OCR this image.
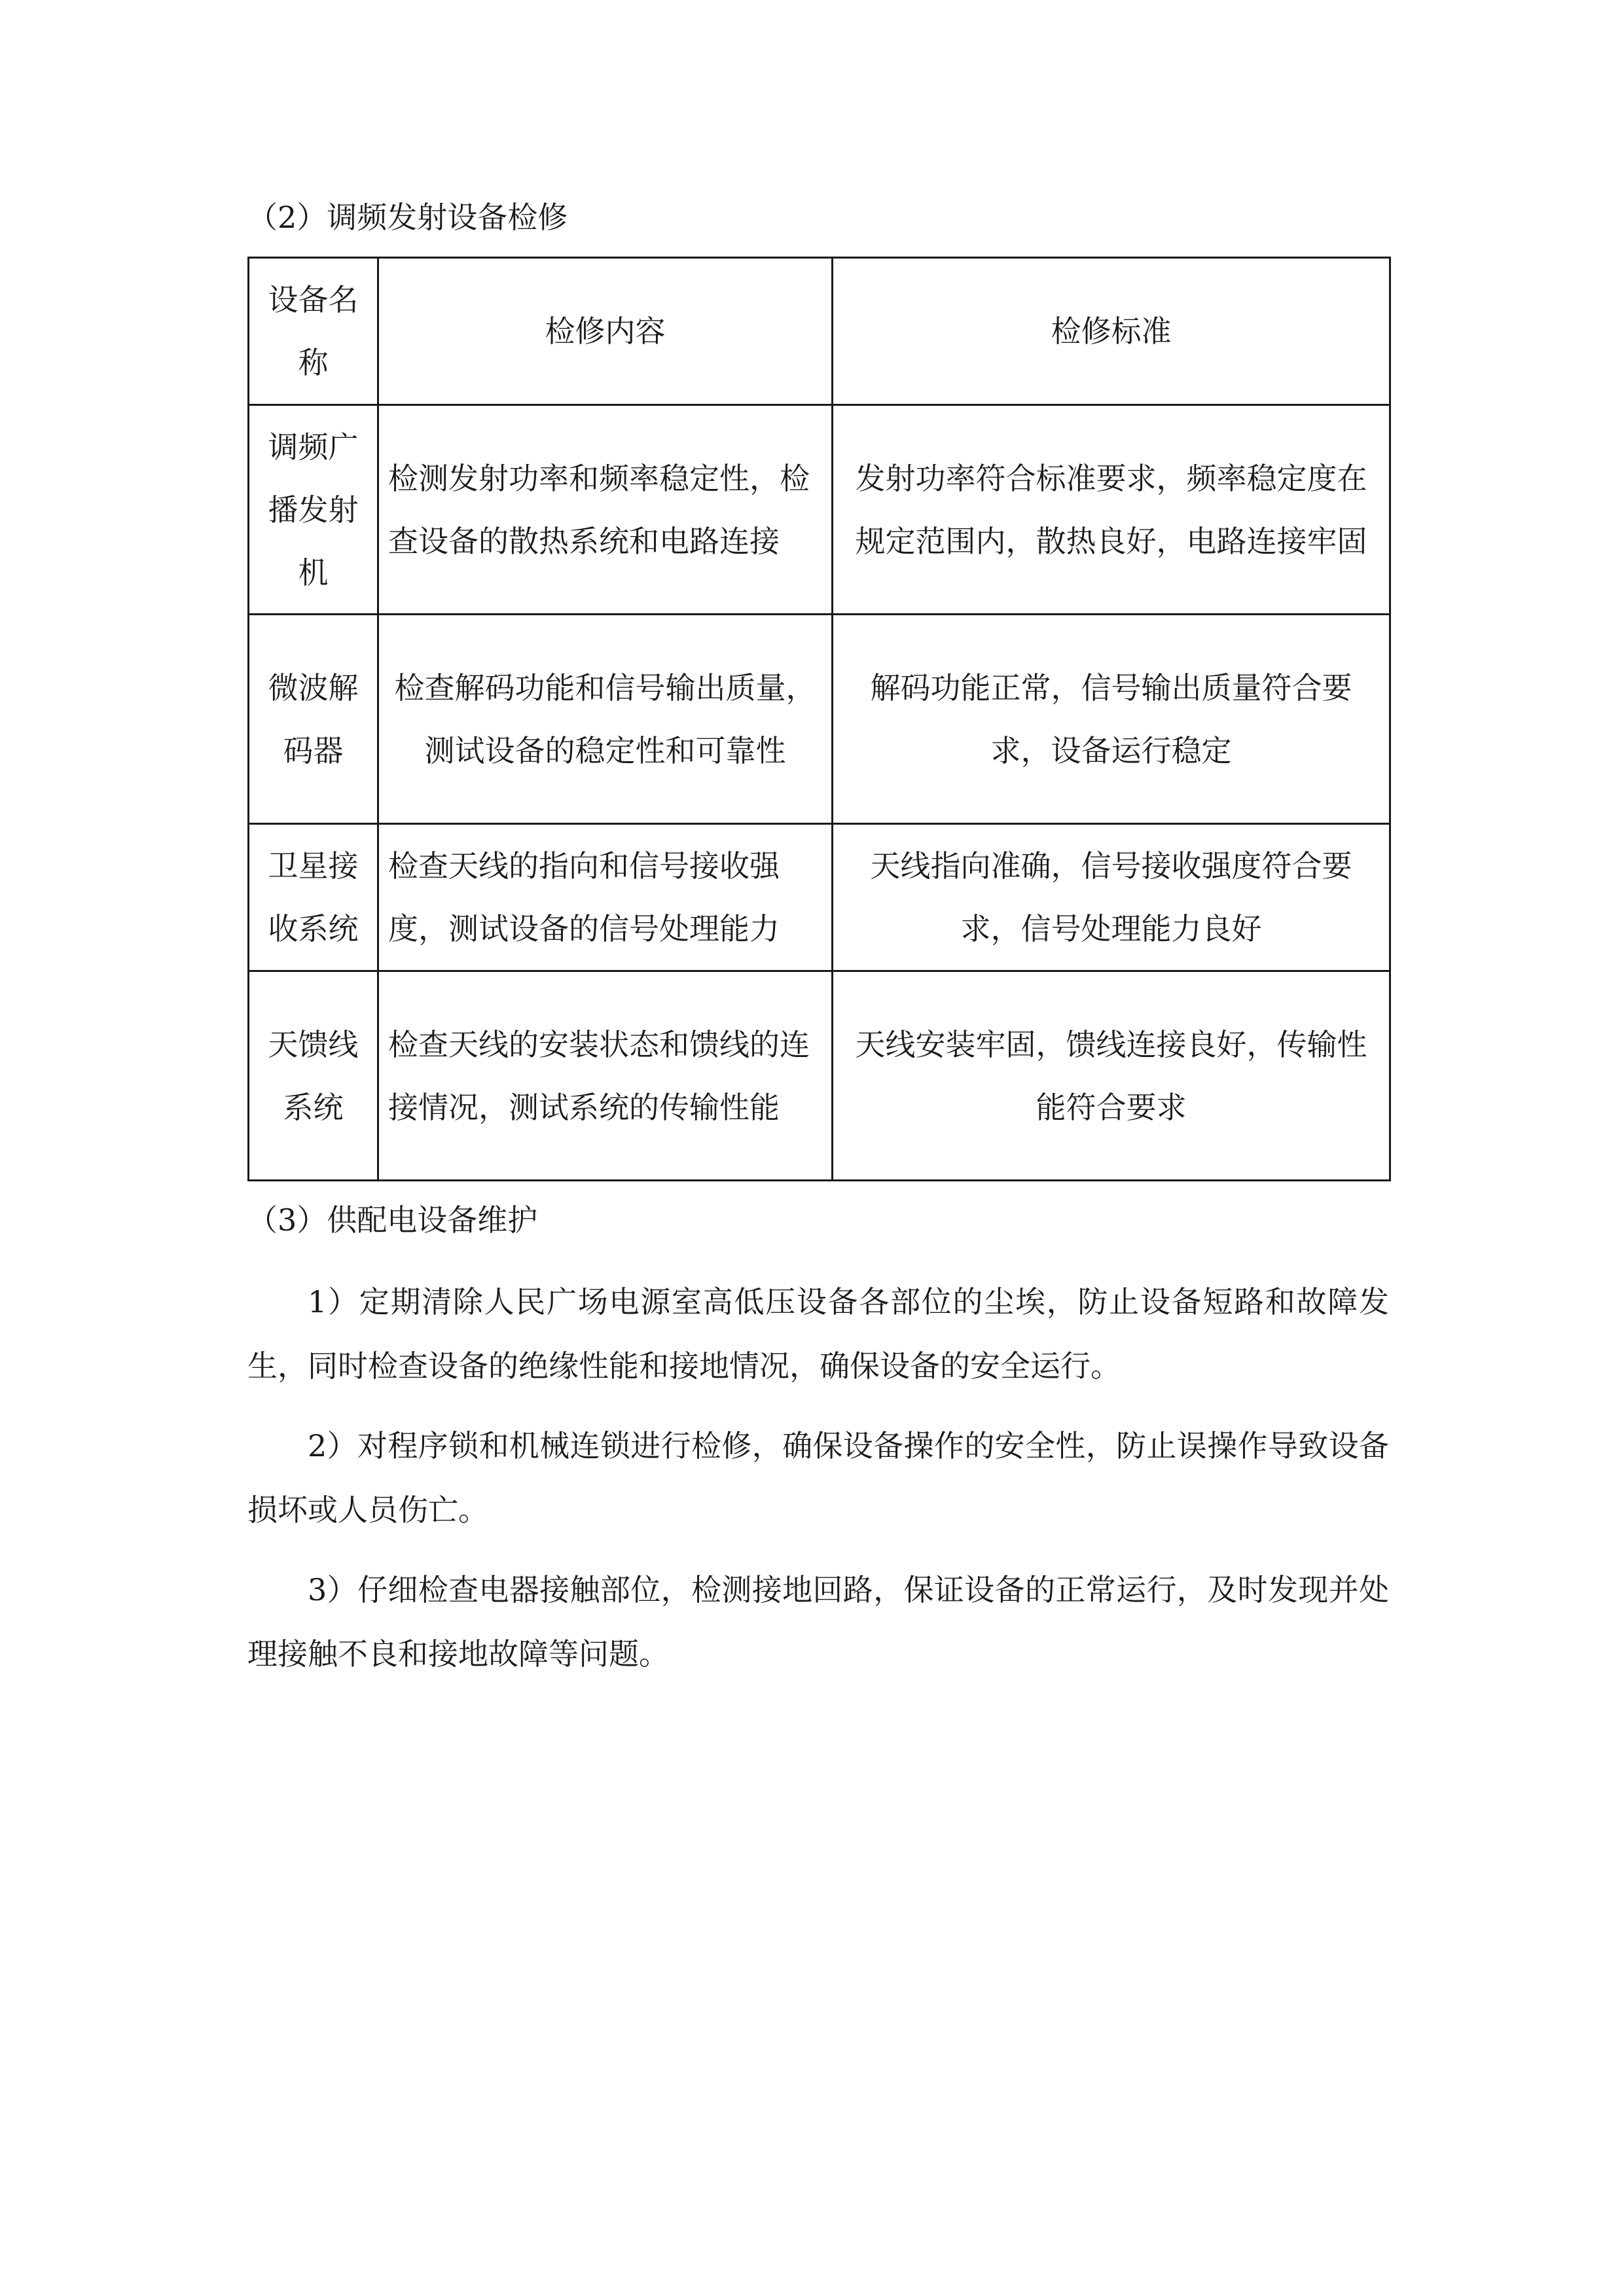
（2）调频发射设备检修
设备名称	检修内容	检修标准
调频广播发射机	检测发射功率和频率稳定性，检查设备的散热系统和电路连接	发射功率符合标准要求，频率稳定度在规定范围内，散热良好，电路连接牢固
微波解码器	检查解码功能和信号输出质量，测试设备的稳定性和可靠性	解码功能正常，信号输出质量符合要求，设备运行稳定
卫星接收系统	检查天线的指向和信号接收强度，测试设备的信号处理能力	天线指向准确，信号接收强度符合要求，信号处理能力良好
天馈线系统	检查天线的安装状态和馈线的连接情况，测试系统的传输性能	天线安装牢固，馈线连接良好，传输性能符合要求
（3）供配电设备维护

1）定期清除人民广场电源室高低压设备各部位的尘埃，防止设备短路和故障发生，同时检查设备的绝缘性能和接地情况，确保设备的安全运行。

2）对程序锁和机械连锁进行检修，确保设备操作的安全性，防止误操作导致设备损坏或人员伤亡。

3）仔细检查电器接触部位，检测接地回路，保证设备的正常运行，及时发现并处理接触不良和接地故障等问题。
